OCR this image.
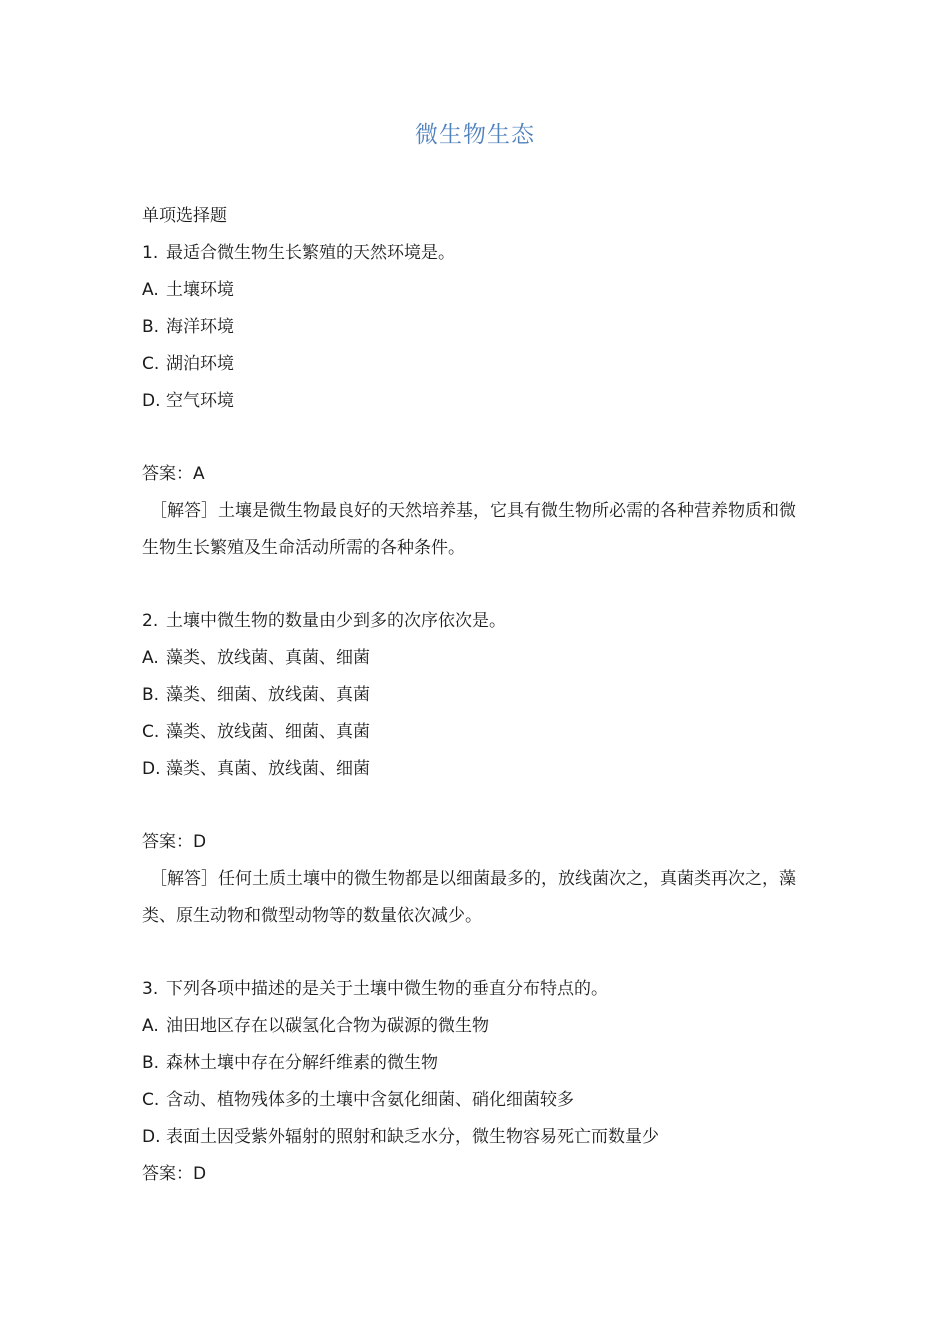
微生物生态
单项选择题
1. 最适合微生物生长繁殖的天然环境是。
A. 土壤环境
B. 海洋环境
C. 湖泊环境
D. 空气环境
答案：A
［解答］土壤是微生物最良好的天然培养基，它具有微生物所必需的各种营养物质和微生物生长繁殖及生命活动所需的各种条件。
2. 土壤中微生物的数量由少到多的次序依次是。
A. 藻类、放线菌、真菌、细菌
B. 藻类、细菌、放线菌、真菌
C. 藻类、放线菌、细菌、真菌
D. 藻类、真菌、放线菌、细菌
答案：D
［解答］任何土质土壤中的微生物都是以细菌最多的，放线菌次之，真菌类再次之，藻类、原生动物和微型动物等的数量依次减少。
3. 下列各项中描述的是关于土壤中微生物的垂直分布特点的。
A. 油田地区存在以碳氢化合物为碳源的微生物
B. 森林土壤中存在分解纤维素的微生物
C. 含动、植物残体多的土壤中含氨化细菌、硝化细菌较多
D. 表面土因受紫外辐射的照射和缺乏水分，微生物容易死亡而数量少
答案：D
